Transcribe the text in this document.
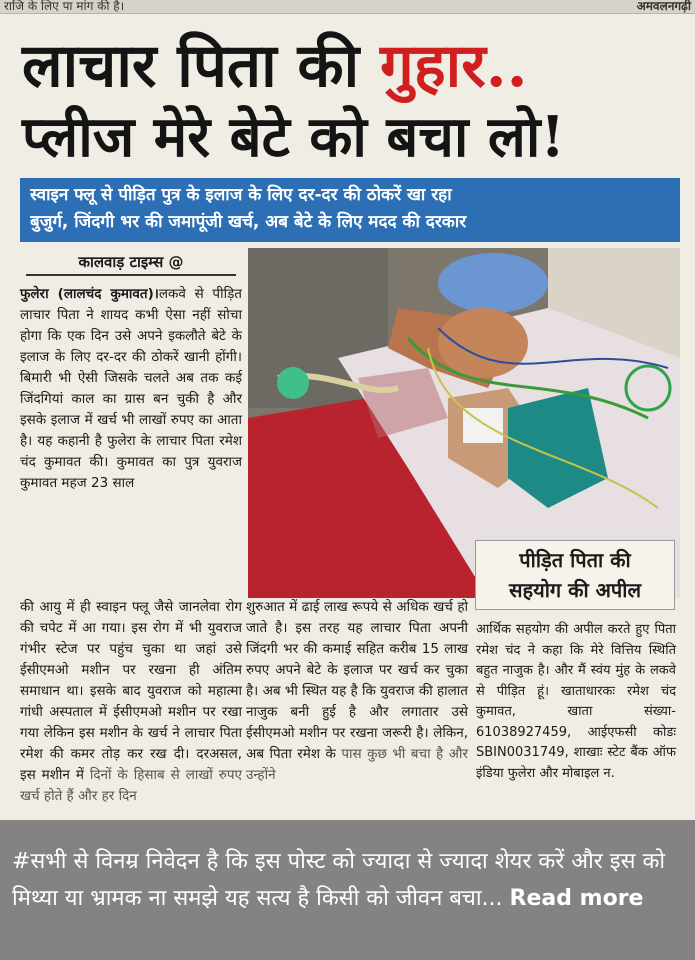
राजि के लिए पा मांग की है।	अमवलनगढ़ी
लाचार पिता की गुहार..
प्लीज मेरे बेटे को बचा लो!
स्वाइन फ्लू से पीड़ित पुत्र के इलाज के लिए दर-दर की ठोकरें खा रहा
बुजुर्ग, जिंदगी भर की जमापूंजी खर्च, अब बेटे के लिए मदद की दरकार
कालवाड़ टाइम्स @
फुलेरा (लालचंद कुमावत)।लकवे से पीड़ित लाचार पिता ने शायद कभी ऐसा नहीं सोचा होगा कि एक दिन उसे अपने इकलौते बेटे के इलाज के लिए दर-दर की ठोकरें खानी होंगी। बिमारी भी ऐसी जिसके चलते अब तक कई जिंदगियां काल का ग्रास बन चुकी है और इसके इलाज में खर्च भी लाखों रुपए का आता है। यह कहानी है फुलेरा के लाचार पिता रमेश चंद कुमावत की। कुमावत का पुत्र युवराज कुमावत महज 23 साल
पीड़ित पिता की
सहयोग की अपील
आर्थिक सहयोग की अपील करते हुए पिता रमेश चंद ने कहा कि मेरे वित्तिय स्थिति बहुत नाजुक है। और मैं स्वंय मुंह के लकवे से पीड़ित हूं। खाताधारकः रमेश चंद कुमावत, खाता संख्या- 61038927459, आईएफसी कोडः SBIN0031749, शाखाः स्टेट बैंक ऑफ इंडिया फुलेरा और मोबाइल न.
की आयु में ही स्वाइन फ्लू जैसे जानलेवा रोग की चपेट में आ गया। इस रोग में भी युवराज गंभीर स्टेज पर पहुंच चुका था जहां उसे ईसीएमओ मशीन पर रखना ही अंतिम समाधान था। इसके बाद युवराज को महात्मा गांधी अस्पताल में ईसीएमओ मशीन पर रखा गया लेकिन इस मशीन के खर्च ने लाचार पिता रमेश की कमर तोड़ कर रख दी। दरअसल, इस मशीन में दिनों के हिसाब से लाखों रुपए खर्च होते हैं और हर दिन
शुरुआत में ढाई लाख रूपये से अधिक खर्च हो जाते है। इस तरह यह लाचार पिता अपनी जिंदगी भर की कमाई सहित करीब 15 लाख रुपए अपने बेटे के इलाज पर खर्च कर चुका है। अब भी स्थित यह है कि युवराज की हालात नाजुक बनी हुई है और लगातार उसे ईसीएमओ मशीन पर रखना जरूरी है। लेकिन, अब पिता रमेश के पास कुछ भी बचा है और उन्होंने
#सभी से विनम्र निवेदन है कि इस पोस्ट को ज्यादा से ज्यादा शेयर करें और इस को मिथ्या या भ्रामक ना समझे यह सत्य है किसी को जीवन बचा... Read more
